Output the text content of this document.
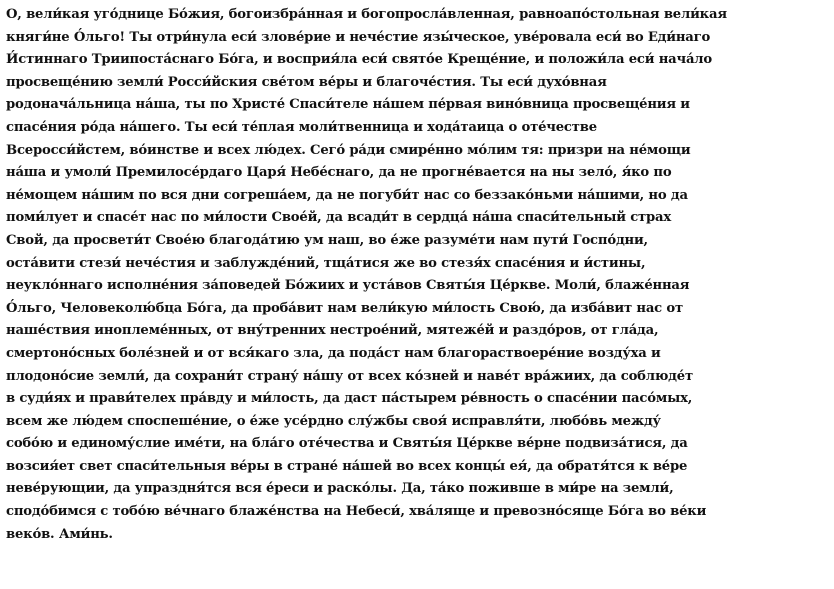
О, вели́кая уго́днице Бо́жия, богоизбра́нная и богопросла́вленная, равноапо́стольная вели́кая
княги́не О́льго! Ты отри́нула еси́ злове́рие и нече́стие язы́ческое, уве́ровала еси́ во Еди́наго
И́стиннаго Триипоста́снаго Бо́га, и восприя́ла еси́ свято́е Креще́ние, и положи́ла еси́ нача́ло
просвеще́нию земли́ Росси́йския све́том ве́ры и благоче́стия. Ты еси́ духо́вная
родонача́льница на́ша, ты по Христе́ Спаси́теле на́шем пе́рвая вино́вница просвеще́ния и
спасе́ния ро́да на́шего. Ты еси́ те́плая моли́твенница и хода́таица о оте́честве
Всеросси́йстем, во́инстве и всех лю́дех. Сего́ ра́ди смире́нно мо́лим тя: призри на не́мощи
на́ша и умоли́ Премилосе́рдаго Царя́ Небе́снаго, да не прогне́вается на ны зело́, я́ко по
не́мощем на́шим по вся дни согреша́ем, да не погуби́т нас со беззако́ньми на́шими, но да
поми́лует и спасе́т нас по ми́лости Свое́й, да всади́т в сердца́ на́ша спаси́тельный страх
Свой, да просвети́т Свое́ю благода́тию ум наш, во е́же разуме́ти нам пути́ Госпо́дни,
оста́вити стези́ нече́стия и заблужде́ний, тща́тися же во стезя́х спасе́ния и и́стины,
неукло́ннаго исполне́ния за́поведей Бо́жиих и уста́вов Святы́я Це́ркве. Моли́, блаже́нная
О́льго, Человеколю́бца Бо́га, да проба́вит нам вели́кую ми́лость Свою́, да изба́вит нас от
наше́ствия иноплеме́нных, от вну́тренних нестрое́ний, мятеже́й и раздо́ров, от гла́да,
смертоно́сных боле́зней и от вся́каго зла, да пода́ст нам благораствоере́ние возду́ха и
плодоно́сие земли́, да сохрани́т страну́ на́шу от всех ко́зней и наве́т вра́жиих, да соблюде́т
в суди́ях и прави́телех пра́вду и ми́лость, да даст па́стырем ре́вность о спасе́нии пасо́мых,
всем же лю́дем споспеше́ние, о е́же усе́рдно слу́жбы своя́ исправля́ти, любо́вь между́
собо́ю и единому́слие име́ти, на бла́го оте́чества и Святы́я Це́ркве ве́рне подвиза́тися, да
возсия́ет свет спаси́тельныя ве́ры в стране́ на́шей во всех концы́ ея́, да обратя́тся к ве́ре
неве́рующии, да упраздня́тся вся е́реси и раско́лы. Да, та́ко поживше в ми́ре на земли́,
сподо́бимся с тобо́ю ве́чнаго блаже́нства на Небеси́, хва́ляще и превозно́сяще Бо́га во ве́ки
веко́в. Ами́нь.
